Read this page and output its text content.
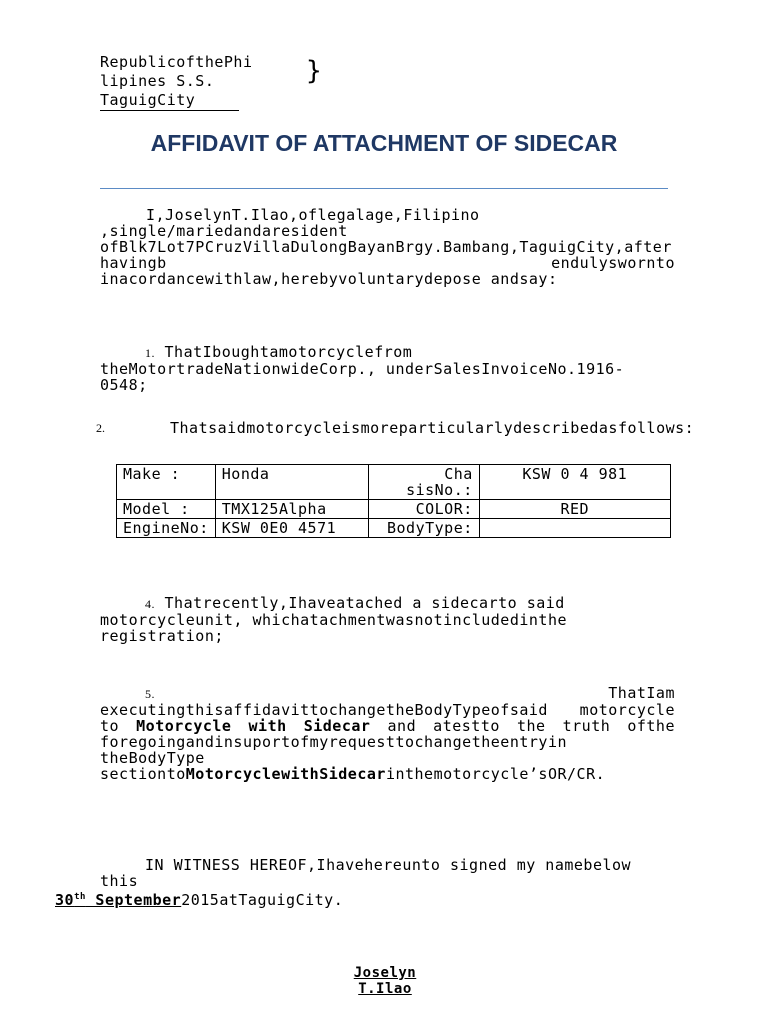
RepublicofthePhi
lipines S.S.
TaguigCity
}
AFFIDAVIT OF ATTACHMENT OF SIDECAR
I,JoselynT.Ilao,oflegalage,Filipino ,single/mariedandaresident ofBlk7Lot7PCruzVillaDulongBayanBrgy.Bambang,TaguigCity,after havingb endulyswornto inacordancewithlaw,herebyvoluntarydepose andsay:
1. ThatIboughtamotorcyclefrom theMotortradeNationwideCorp., underSalesInvoiceNo.1916- 0548;
2.	Thatsaidmotorcycleismoreparticularlydescribedasfollows:
Make :	Honda	Cha sisNo.:	KSW 0 4 981
Model :	TMX125Alpha	COLOR:	RED
EngineNo:	KSW 0E0 4571	BodyType:	
4. Thatrecently,Ihaveatached a sidecarto said motorcycleunit, whichatachmentwasnotincludedinthe registration;
5.	ThatIam executingthisaffidavittochangetheBodyTypeofsaid motorcycle to Motorcycle with Sidecar and atestto the truth ofthe foregoingandinsuportofmyrequesttochangetheentryin theBodyType sectiontoMotorcyclewithSidecarinthemotorcycle’sOR/CR.
IN WITNESS HEREOF,Ihavehereunto signed my namebelow this
30th September2015atTaguigCity.
Joselyn
T.Ilao
